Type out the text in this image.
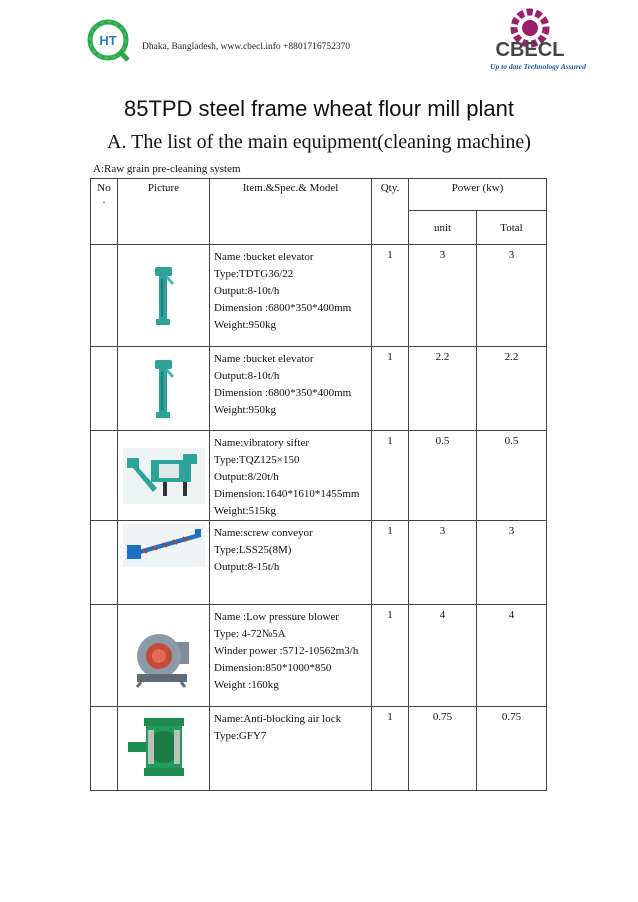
HT	Dhaka, Bangladesh, www.cbecl.info +8801716752370	CBECL
Up to date Technology Assured
85TPD steel frame wheat flour mill plant
A. The list of the main equipment(cleaning machine)
A:Raw grain pre-cleaning system
No
.	Picture	Item.&Spec.& Model	Qty.	Power (kw)	
				unit	Total

Name :bucket elevator
Type:TDTG36/22
Output:8-10t/h
Dimension :6800*350*400mm
Weight:950kg	1	3	3

Name :bucket elevator
Output:8-10t/h
Dimension :6800*350*400mm
Weight:950kg	1	2.2	2.2

Name:vibratory sifter
Type:TQZ125×150
Output:8/20t/h
Dimension:1640*1610*1455mm
Weight:515kg	1	0.5	0.5

Name:screw conveyor
Type:LSS25(8M)
Output:8-15t/h	1	3	3

Name :Low pressure blower
Type: 4-72№5A
Winder power :5712-10562m3/h
Dimension:850*1000*850
Weight :160kg	1	4	4

Name:Anti-blocking air lock
Type:GFY7	1	0.75	0.75
